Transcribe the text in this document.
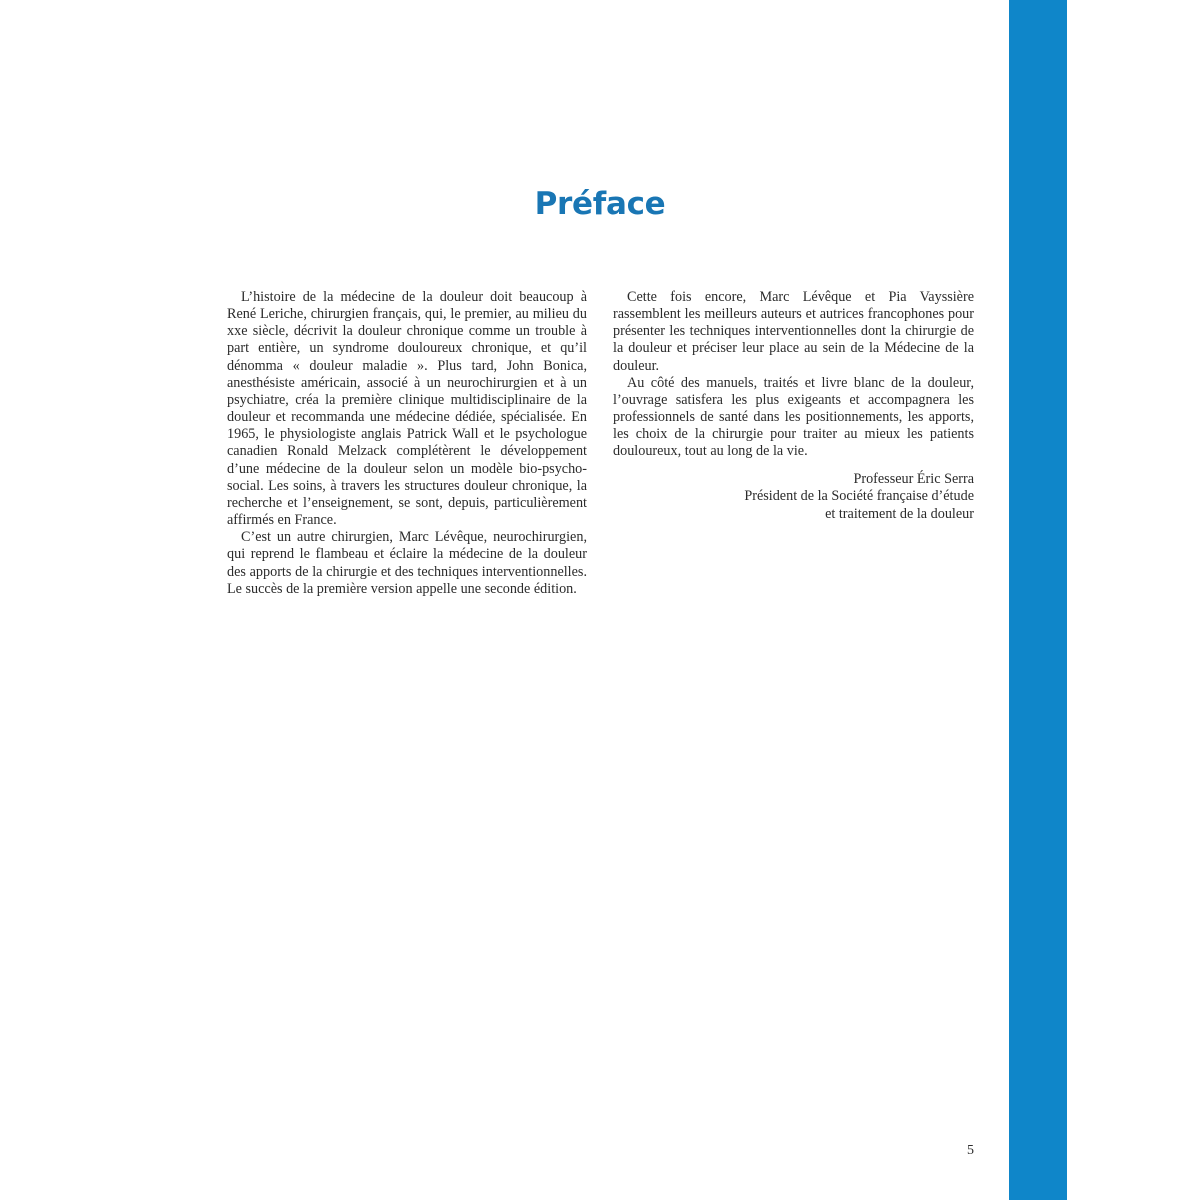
Préface

L’histoire de la médecine de la douleur doit beaucoup à René Leriche, chirurgien français, qui, le premier, au milieu du xxe siècle, décrivit la douleur chronique comme un trouble à part entière, un syndrome douloureux chronique, et qu’il dénomma « douleur maladie ». Plus tard, John Bonica, anesthésiste américain, associé à un neurochirurgien et à un psychiatre, créa la première clinique multidisciplinaire de la douleur et recommanda une médecine dédiée, spécialisée. En 1965, le physiologiste anglais Patrick Wall et le psychologue canadien Ronald Melzack complétèrent le développement d’une médecine de la douleur selon un modèle bio-psycho-social. Les soins, à travers les structures douleur chronique, la recherche et l’enseignement, se sont, depuis, particulièrement affirmés en France.

C’est un autre chirurgien, Marc Lévêque, neurochirurgien, qui reprend le flambeau et éclaire la médecine de la douleur des apports de la chirurgie et des techniques interventionnelles. Le succès de la première version appelle une seconde édition.

Cette fois encore, Marc Lévêque et Pia Vayssière rassemblent les meilleurs auteurs et autrices francophones pour présenter les techniques interventionnelles dont la chirurgie de la douleur et préciser leur place au sein de la Médecine de la douleur.

Au côté des manuels, traités et livre blanc de la douleur, l’ouvrage satisfera les plus exigeants et accompagnera les professionnels de santé dans les positionnements, les apports, les choix de la chirurgie pour traiter au mieux les patients douloureux, tout au long de la vie.

Professeur Éric Serra
Président de la Société française d’étude
et traitement de la douleur
5
